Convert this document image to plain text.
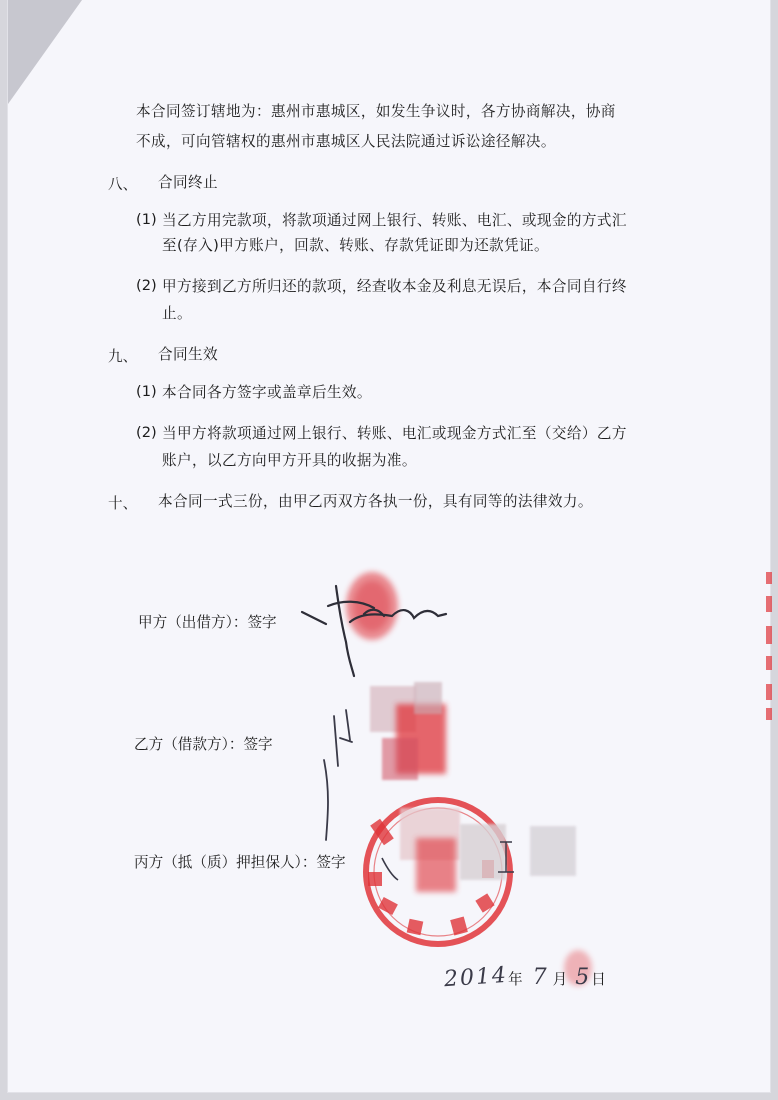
本合同签订辖地为：惠州市惠城区，如发生争议时，各方协商解决，协商
不成，可向管辖权的惠州市惠城区人民法院通过诉讼途径解决。
八、 合同终止
(1) 当乙方用完款项，将款项通过网上银行、转账、电汇、或现金的方式汇
至(存入)甲方账户，回款、转账、存款凭证即为还款凭证。
(2) 甲方接到乙方所归还的款项，经查收本金及利息无误后，本合同自行终
止。
九、 合同生效
(1) 本合同各方签字或盖章后生效。
(2) 当甲方将款项通过网上银行、转账、电汇或现金方式汇至（交给）乙方
账户，以乙方向甲方开具的收据为准。
十、 本合同一式三份，由甲乙丙双方各执一份，具有同等的法律效力。
甲方（出借方）：签字
乙方（借款方）：签字
丙方（抵（质）押担保人）：签字
2014年 7 月 5 日
